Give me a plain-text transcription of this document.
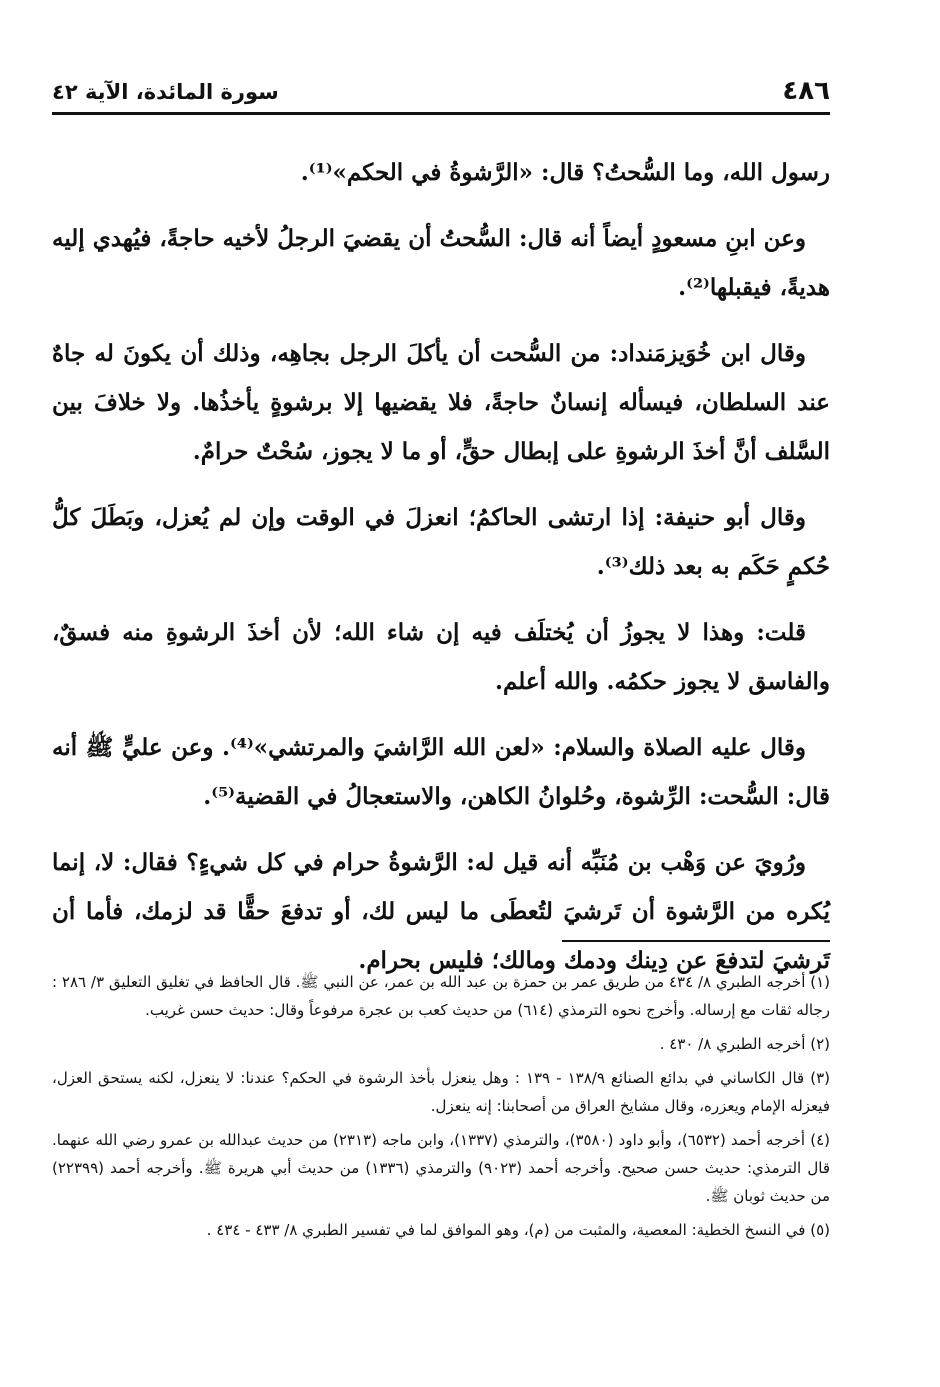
٤٨٦
سورة المائدة، الآية ٤٢

رسول الله، وما السُّحتُ؟ قال: «الرَّشوةُ في الحكم»⁽¹⁾.

وعن ابنِ مسعودٍ أيضاً أنه قال: السُّحتُ أن يقضيَ الرجلُ لأخيه حاجةً، فيُهدي إليه هديةً، فيقبلها⁽²⁾.

وقال ابن خُوَيزمَنداد: من السُّحت أن يأكلَ الرجل بجاهِه، وذلك أن يكونَ له جاهٌ عند السلطان، فيسأله إنسانٌ حاجةً، فلا يقضيها إلا برشوةٍ يأخذُها. ولا خلافَ بين السَّلف أنَّ أخذَ الرشوةِ على إبطال حقٍّ، أو ما لا يجوز، سُحْتٌ حرامٌ.

وقال أبو حنيفة: إذا ارتشى الحاكمُ؛ انعزلَ في الوقت وإن لم يُعزل، وبَطَلَ كلُّ حُكمٍ حَكَم به بعد ذلك⁽³⁾.

قلت: وهذا لا يجوزُ أن يُختلَف فيه إن شاء الله؛ لأن أخذَ الرشوةِ منه فسقٌ، والفاسق لا يجوز حكمُه. والله أعلم.

وقال عليه الصلاة والسلام: «لعن الله الرَّاشيَ والمرتشي»⁽⁴⁾. وعن عليٍّ ﷺ أنه قال: السُّحت: الرِّشوة، وحُلوانُ الكاهن، والاستعجالُ في القضية⁽⁵⁾.

ورُويَ عن وَهْب بن مُنَبِّه أنه قيل له: الرَّشوةُ حرام في كل شيءٍ؟ فقال: لا، إنما يُكره من الرَّشوة أن تَرشيَ لتُعطَى ما ليس لك، أو تدفعَ حقًّا قد لزمك، فأما أن تَرشيَ لتدفعَ عن دِينك ودمك ومالك؛ فليس بحرام.

(١) أخرجه الطبري ٨/ ٤٣٤ من طريق عمر بن حمزة بن عبد الله بن عمر، عن النبي ﷺ. قال الحافظ في تغليق التعليق ٣/ ٢٨٦ : رجاله ثقات مع إرساله. وأخرج نحوه الترمذي (٦١٤) من حديث كعب بن عجرة مرفوعاً وقال: حديث حسن غريب.

(٢) أخرجه الطبري ٨/ ٤٣٠ .

(٣) قال الكاساني في بدائع الصنائع ١٣٨/٩ - ١٣٩ : وهل ينعزل بأخذ الرشوة في الحكم؟ عندنا: لا ينعزل، لكنه يستحق العزل، فيعزله الإمام ويعزره، وقال مشايخ العراق من أصحابنا: إنه ينعزل.

(٤) أخرجه أحمد (٦٥٣٢)، وأبو داود (٣٥٨٠)، والترمذي (١٣٣٧)، وابن ماجه (٢٣١٣) من حديث عبدالله بن عمرو رضي الله عنهما. قال الترمذي: حديث حسن صحيح. وأخرجه أحمد (٩٠٢٣) والترمذي (١٣٣٦) من حديث أبي هريرة ﷺ. وأخرجه أحمد (٢٢٣٩٩) من حديث ثوبان ﷺ.

(٥) في النسخ الخطية: المعصية، والمثبت من (م)، وهو الموافق لما في تفسير الطبري ٨/ ٤٣٣ - ٤٣٤ .
